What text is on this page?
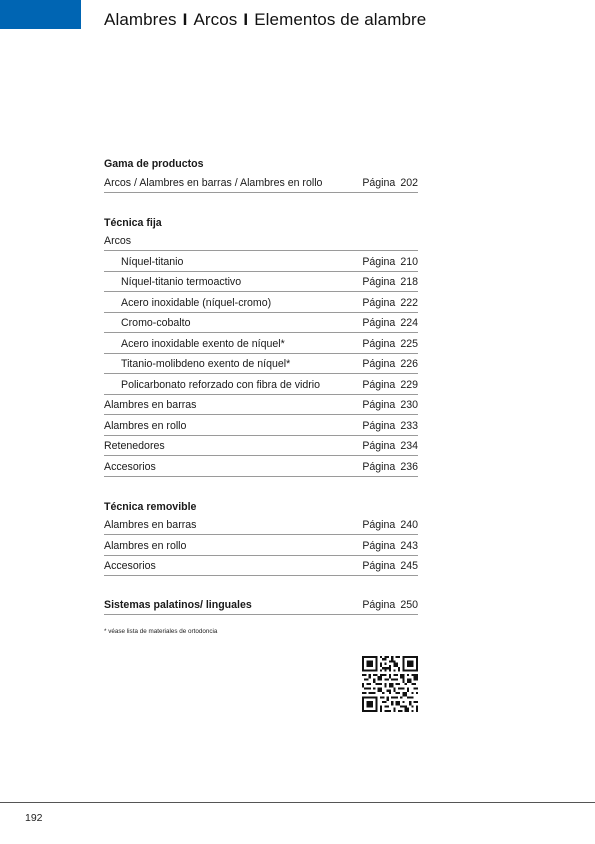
Alambres I Arcos I Elementos de alambre
Gama de productos
Arcos / Alambres en barras / Alambres en rollo	Página 202
Técnica fija
Arcos
Níquel-titanio	Página 210
Níquel-titanio termoactivo	Página 218
Acero inoxidable (níquel-cromo)	Página 222
Cromo-cobalto	Página 224
Acero inoxidable exento de níquel*	Página 225
Titanio-molibdeno exento de níquel*	Página 226
Policarbonato reforzado con fibra de vidrio	Página 229
Alambres en barras	Página 230
Alambres en rollo	Página 233
Retenedores	Página 234
Accesorios	Página 236
Técnica removible
Alambres en barras	Página 240
Alambres en rollo	Página 243
Accesorios	Página 245
Sistemas palatinos/ linguales	Página 250
* véase lista de materiales de ortodoncia
192
